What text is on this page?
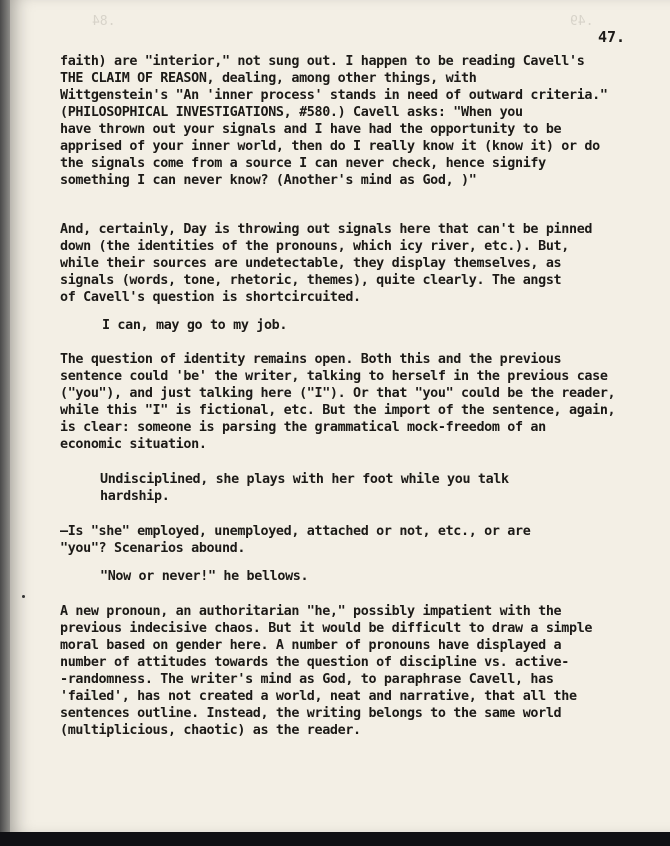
.84	.49
47.
faith) are "interior," not sung out. I happen to be reading Cavell's
THE CLAIM OF REASON, dealing, among other things, with
Wittgenstein's "An 'inner process' stands in need of outward criteria."
(PHILOSOPHICAL INVESTIGATIONS, #580.) Cavell asks: "When you
have thrown out your signals and I have had the opportunity to be
apprised of your inner world, then do I really know it (know it) or do
the signals come from a source I can never check, hence signify
something I can never know? (Another's mind as God, )"
And, certainly, Day is throwing out signals here that can't be pinned
down (the identities of the pronouns, which icy river, etc.). But,
while their sources are undetectable, they display themselves, as
signals (words, tone, rhetoric, themes), quite clearly. The angst
of Cavell's question is shortcircuited.
I can, may go to my job.
The question of identity remains open. Both this and the previous
sentence could 'be' the writer, talking to herself in the previous case
("you"), and just talking here ("I"). Or that "you" could be the reader,
while this "I" is fictional, etc. But the import of the sentence, again,
is clear: someone is parsing the grammatical mock-freedom of an
economic situation.
Undisciplined, she plays with her foot while you talk
hardship.
—Is "she" employed, unemployed, attached or not, etc., or are
"you"? Scenarios abound.
"Now or never!" he bellows.
A new pronoun, an authoritarian "he," possibly impatient with the
previous indecisive chaos. But it would be difficult to draw a simple
moral based on gender here. A number of pronouns have displayed a
number of attitudes towards the question of discipline vs. active-
-randomness. The writer's mind as God, to paraphrase Cavell, has
'failed', has not created a world, neat and narrative, that all the
sentences outline. Instead, the writing belongs to the same world
(multiplicious, chaotic) as the reader.
